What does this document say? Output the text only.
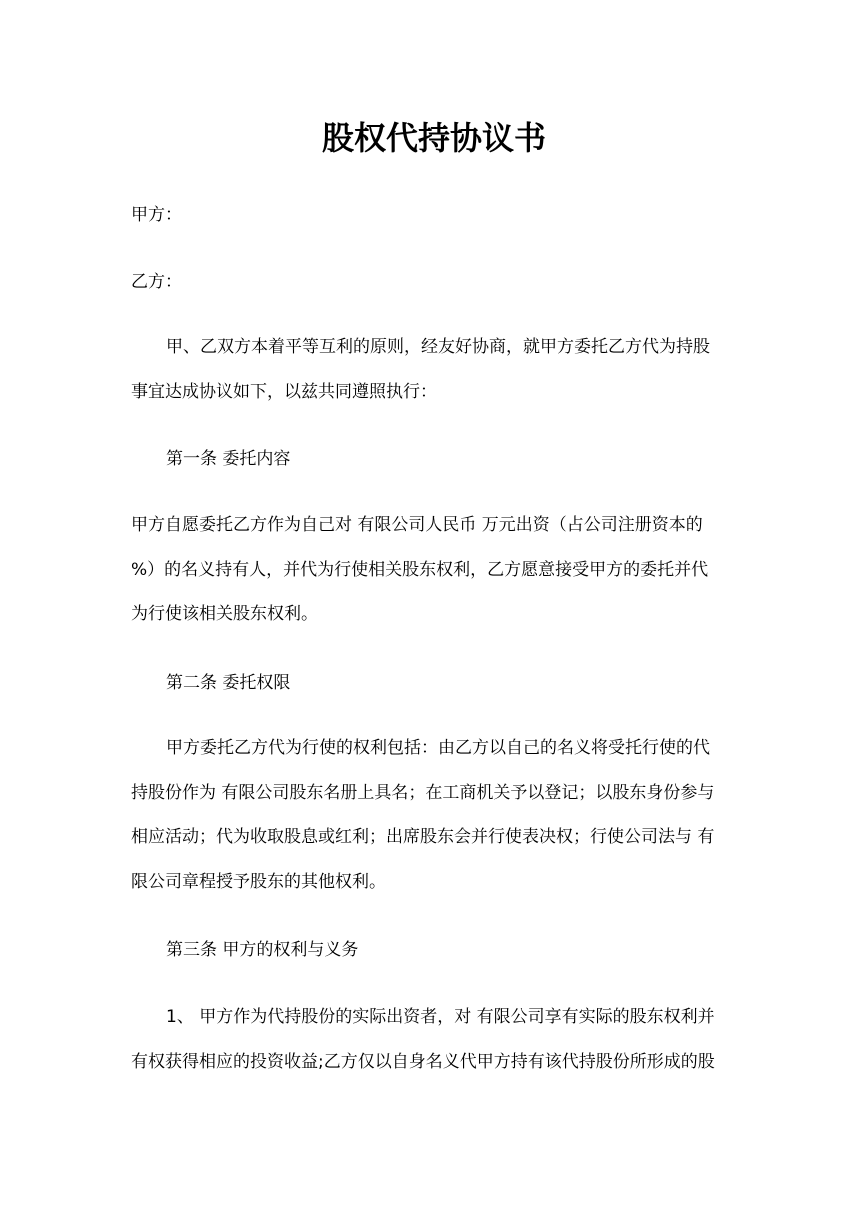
股权代持协议书
甲方：
乙方：
甲、乙双方本着平等互利的原则，经友好协商，就甲方委托乙方代为持股
事宜达成协议如下，以兹共同遵照执行：
第一条 委托内容
甲方自愿委托乙方作为自己对 有限公司人民币 万元出资（占公司注册资本的
%）的名义持有人，并代为行使相关股东权利，乙方愿意接受甲方的委托并代
为行使该相关股东权利。
第二条 委托权限
甲方委托乙方代为行使的权利包括：由乙方以自己的名义将受托行使的代
持股份作为 有限公司股东名册上具名；在工商机关予以登记；以股东身份参与
相应活动；代为收取股息或红利；出席股东会并行使表决权；行使公司法与 有
限公司章程授予股东的其他权利。
第三条 甲方的权利与义务
1、 甲方作为代持股份的实际出资者，对 有限公司享有实际的股东权利并
有权获得相应的投资收益;乙方仅以自身名义代甲方持有该代持股份所形成的股
